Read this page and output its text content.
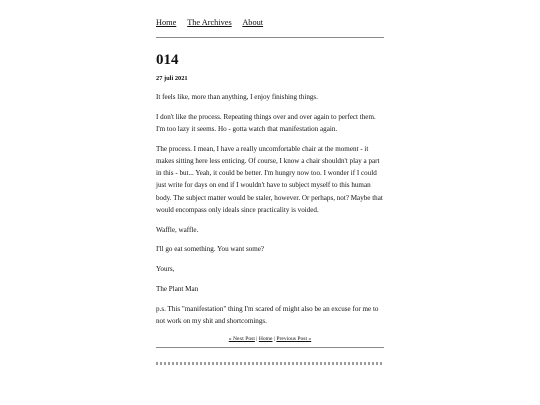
Home The Archives About
014
27 juli 2021

It feels like, more than anything, I enjoy finishing things.

I don't like the process. Repeating things over and over again to perfect them. I'm too lazy it seems. Ho - gotta watch that manifestation again.

The process. I mean, I have a really uncomfortable chair at the moment - it makes sitting here less enticing. Of course, I know a chair shouldn't play a part in this - but... Yeah, it could be better. I'm hungry now too. I wonder if I could just write for days on end if I wouldn't have to subject myself to this human body. The subject matter would be staler, however. Or perhaps, not? Maybe that would encompass only ideals since practicality is voided.

Waffle, waffle.

I'll go eat something. You want some?

Yours,

The Plant Man

p.s. This "manifestation" thing I'm scared of might also be an excuse for me to not work on my shit and shortcomings.

« Next Post | Home | Previous Post »
